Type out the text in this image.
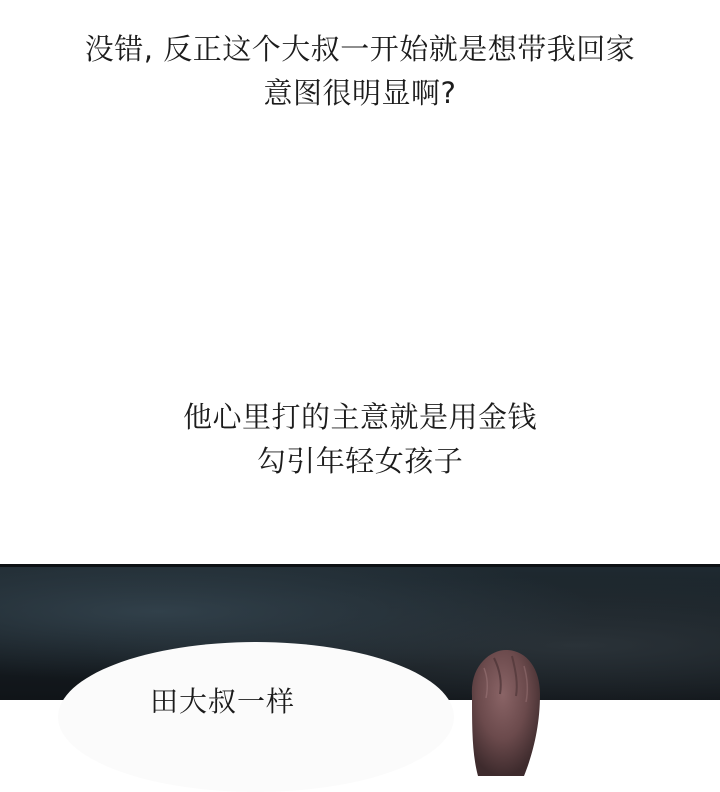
没错, 反正这个大叔一开始就是想带我回家
意图很明显啊?
他心里打的主意就是用金钱
勾引年轻女孩子
田大叔一样
